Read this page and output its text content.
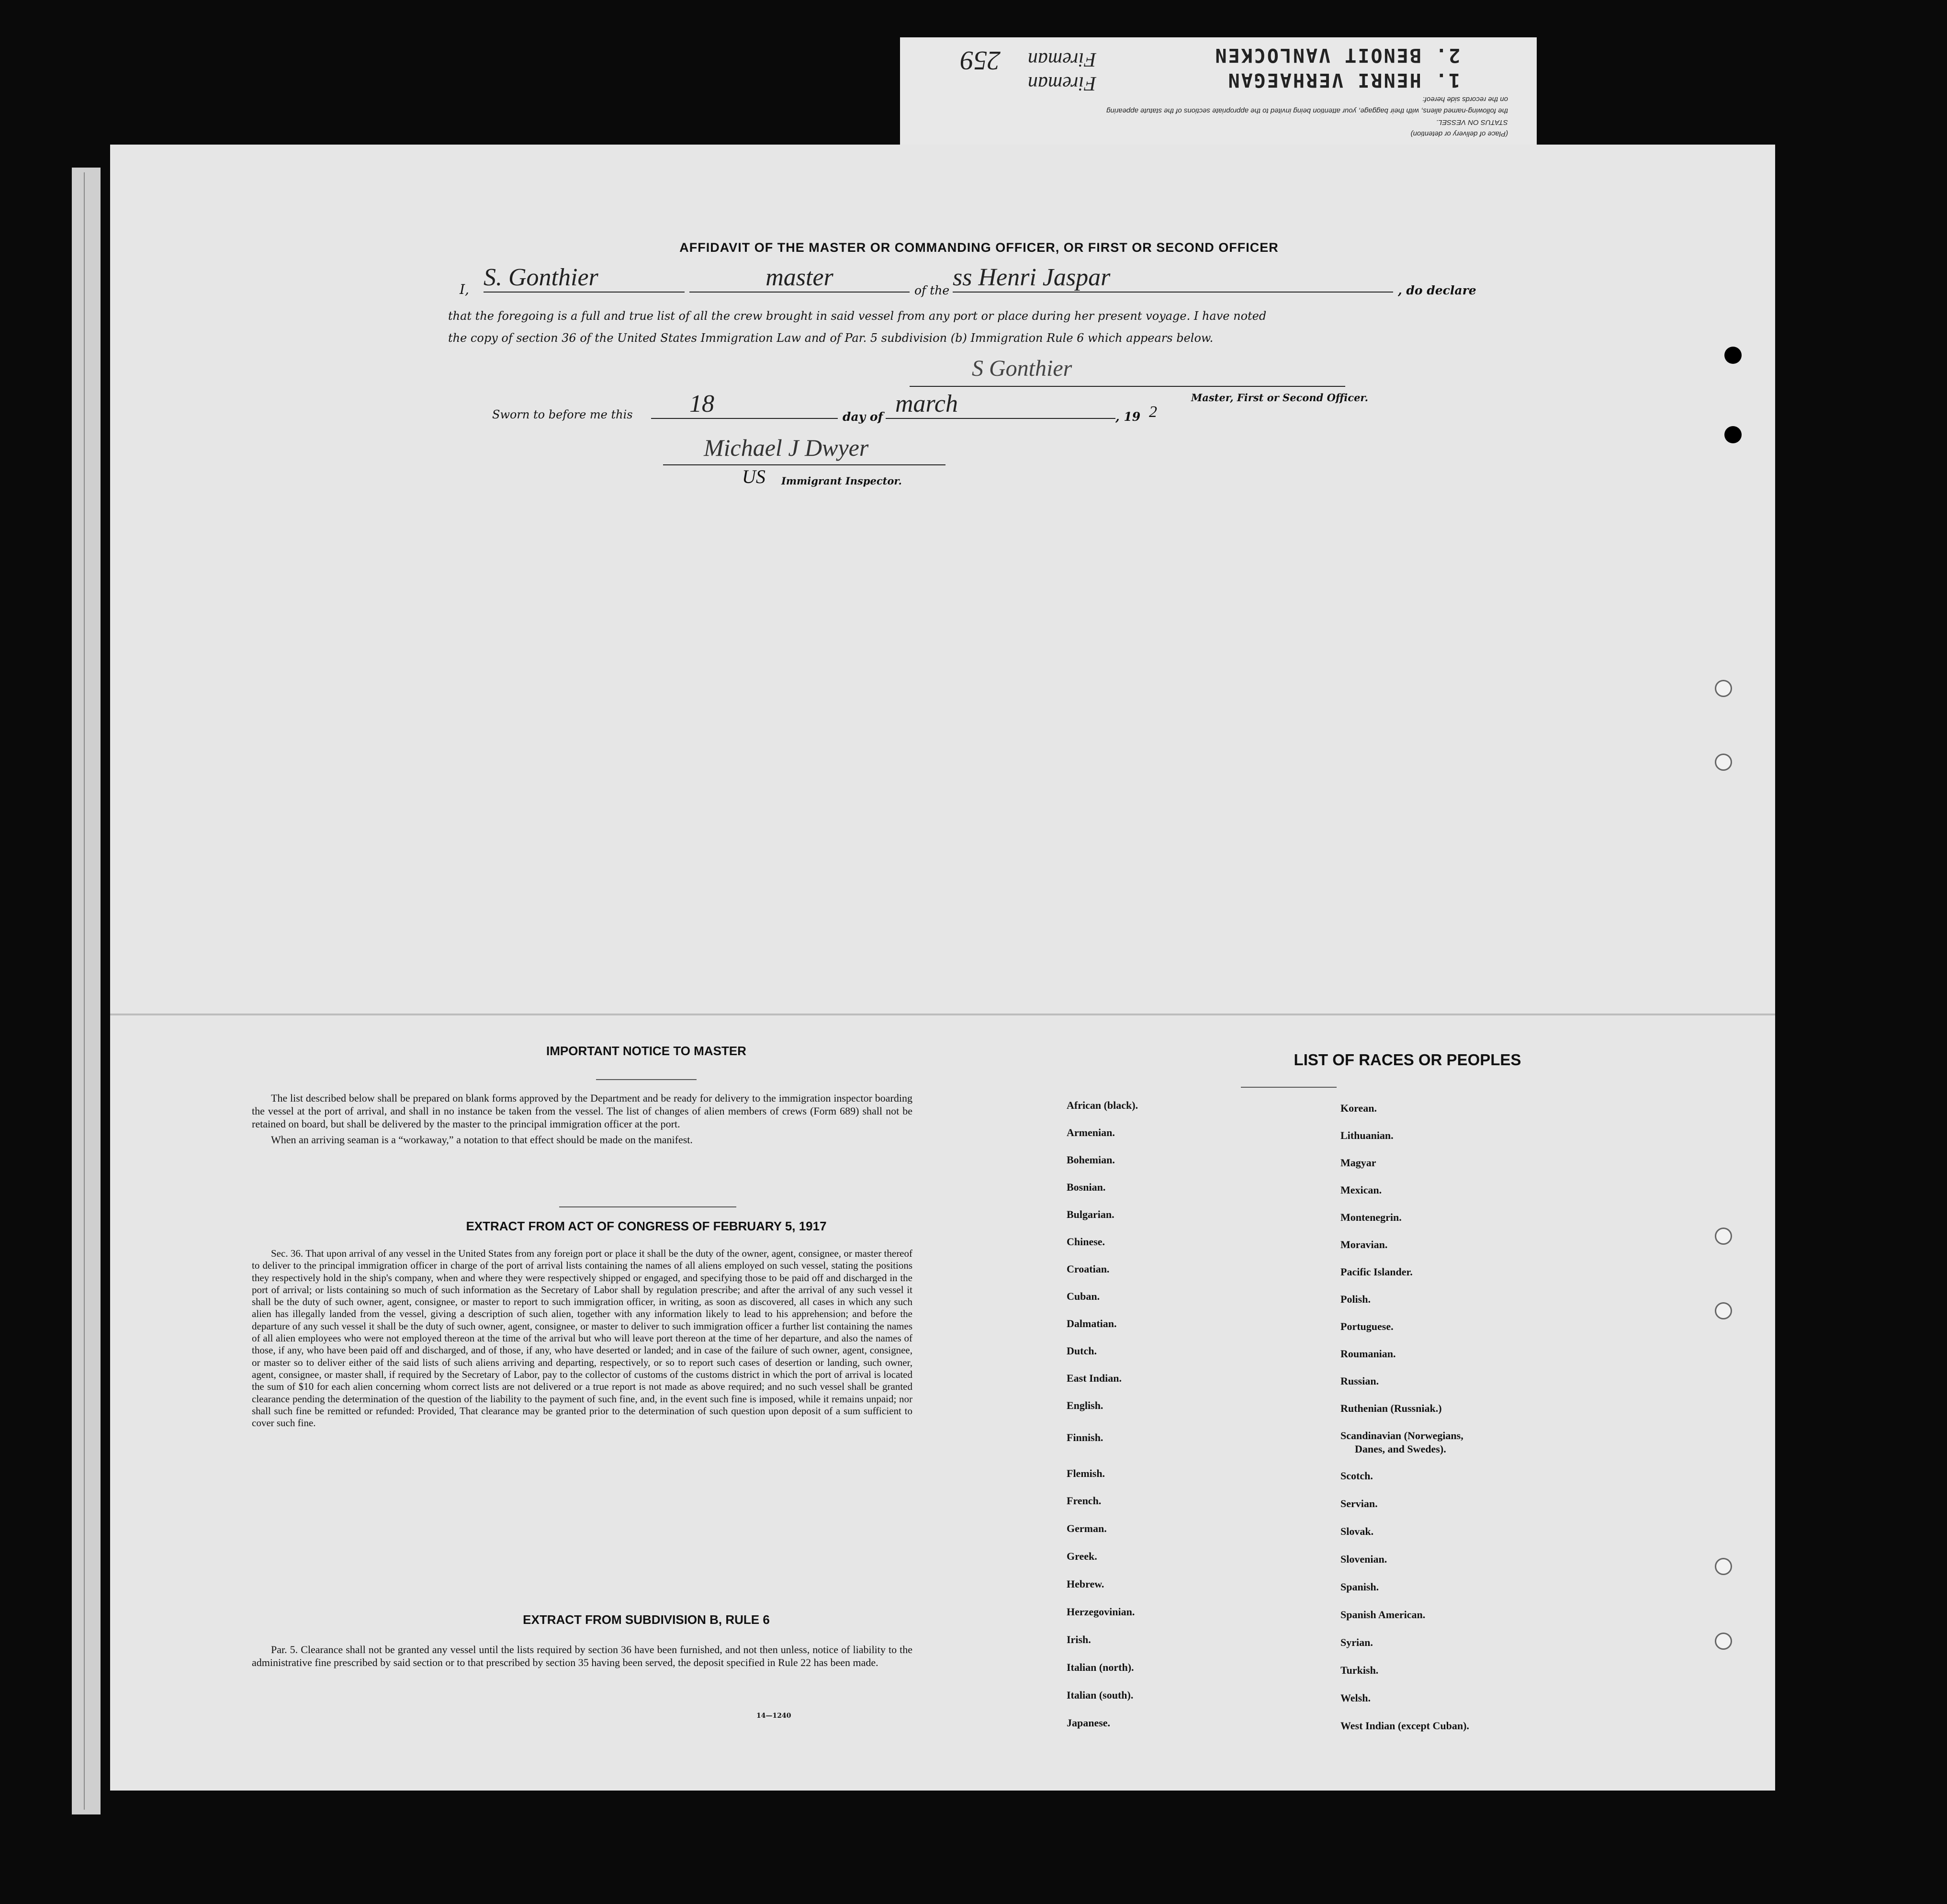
(Place of delivery or detention)
STATUS ON VESSEL.
the following-named aliens, with their baggage, your attention being invited to the appropriate sections of the statute appearing
on the records side hereof:
1. HENRI VERHAEGAN
2. BENOIT VANLOCKEN
Fireman
Fireman
259
AFFIDAVIT OF THE MASTER OR COMMANDING OFFICER, OR FIRST OR SECOND OFFICER
I, S. Gonthier	master	of the ss Henri Jaspar	, do declare
that the foregoing is a full and true list of all the crew brought in said vessel from any port or place during her present voyage. I have noted
the copy of section 36 of the United States Immigration Law and of Par. 5 subdivision (b) Immigration Rule 6 which appears below.
S Gonthier
Master, First or Second Officer.
Sworn to before me this	18	day of march	, 19 2
Michael J Dwyer
US Immigrant Inspector.
IMPORTANT NOTICE TO MASTER

The list described below shall be prepared on blank forms approved by the Department and be ready for delivery to the immigration inspector boarding the vessel at the port of arrival, and shall in no instance be taken from the vessel. The list of changes of alien members of crews (Form 689) shall not be retained on board, but shall be delivered by the master to the principal immigration officer at the port.

When an arriving seaman is a “workaway,” a notation to that effect should be made on the manifest.

EXTRACT FROM ACT OF CONGRESS OF FEBRUARY 5, 1917

Sec. 36. That upon arrival of any vessel in the United States from any foreign port or place it shall be the duty of the owner, agent, consignee, or master thereof to deliver to the principal immigration officer in charge of the port of arrival lists containing the names of all aliens employed on such vessel, stating the positions they respectively hold in the ship's company, when and where they were respectively shipped or engaged, and specifying those to be paid off and discharged in the port of arrival; or lists containing so much of such information as the Secretary of Labor shall by regulation prescribe; and after the arrival of any such vessel it shall be the duty of such owner, agent, consignee, or master to report to such immigration officer, in writing, as soon as discovered, all cases in which any such alien has illegally landed from the vessel, giving a description of such alien, together with any information likely to lead to his apprehension; and before the departure of any such vessel it shall be the duty of such owner, agent, consignee, or master to deliver to such immigration officer a further list containing the names of all alien employees who were not employed thereon at the time of the arrival but who will leave port thereon at the time of her departure, and also the names of those, if any, who have been paid off and discharged, and of those, if any, who have deserted or landed; and in case of the failure of such owner, agent, consignee, or master so to deliver either of the said lists of such aliens arriving and departing, respectively, or so to report such cases of desertion or landing, such owner, agent, consignee, or master shall, if required by the Secretary of Labor, pay to the collector of customs of the customs district in which the port of arrival is located the sum of $10 for each alien concerning whom correct lists are not delivered or a true report is not made as above required; and no such vessel shall be granted clearance pending the determination of the question of the liability to the payment of such fine, and, in the event such fine is imposed, while it remains unpaid; nor shall such fine be remitted or refunded: Provided, That clearance may be granted prior to the determination of such question upon deposit of a sum sufficient to cover such fine.

EXTRACT FROM SUBDIVISION B, RULE 6

Par. 5. Clearance shall not be granted any vessel until the lists required by section 36 have been furnished, and not then unless, notice of liability to the administrative fine prescribed by said section or to that prescribed by section 35 having been served, the deposit specified in Rule 22 has been made.

14—1240
LIST OF RACES OR PEOPLES
African (black).
Armenian.
Bohemian.
Bosnian.
Bulgarian.
Chinese.
Croatian.
Cuban.
Dalmatian.
Dutch.
East Indian.
English.
Finnish.
Flemish.
French.
German.
Greek.
Hebrew.
Herzegovinian.
Irish.
Italian (north).
Italian (south).
Japanese.
Korean.
Lithuanian.
Magyar
Mexican.
Montenegrin.
Moravian.
Pacific Islander.
Polish.
Portuguese.
Roumanian.
Russian.
Ruthenian (Russniak.)
Scandinavian (Norwegians,
Danes, and Swedes).
Scotch.
Servian.
Slovak.
Slovenian.
Spanish.
Spanish American.
Syrian.
Turkish.
Welsh.
West Indian (except Cuban).
